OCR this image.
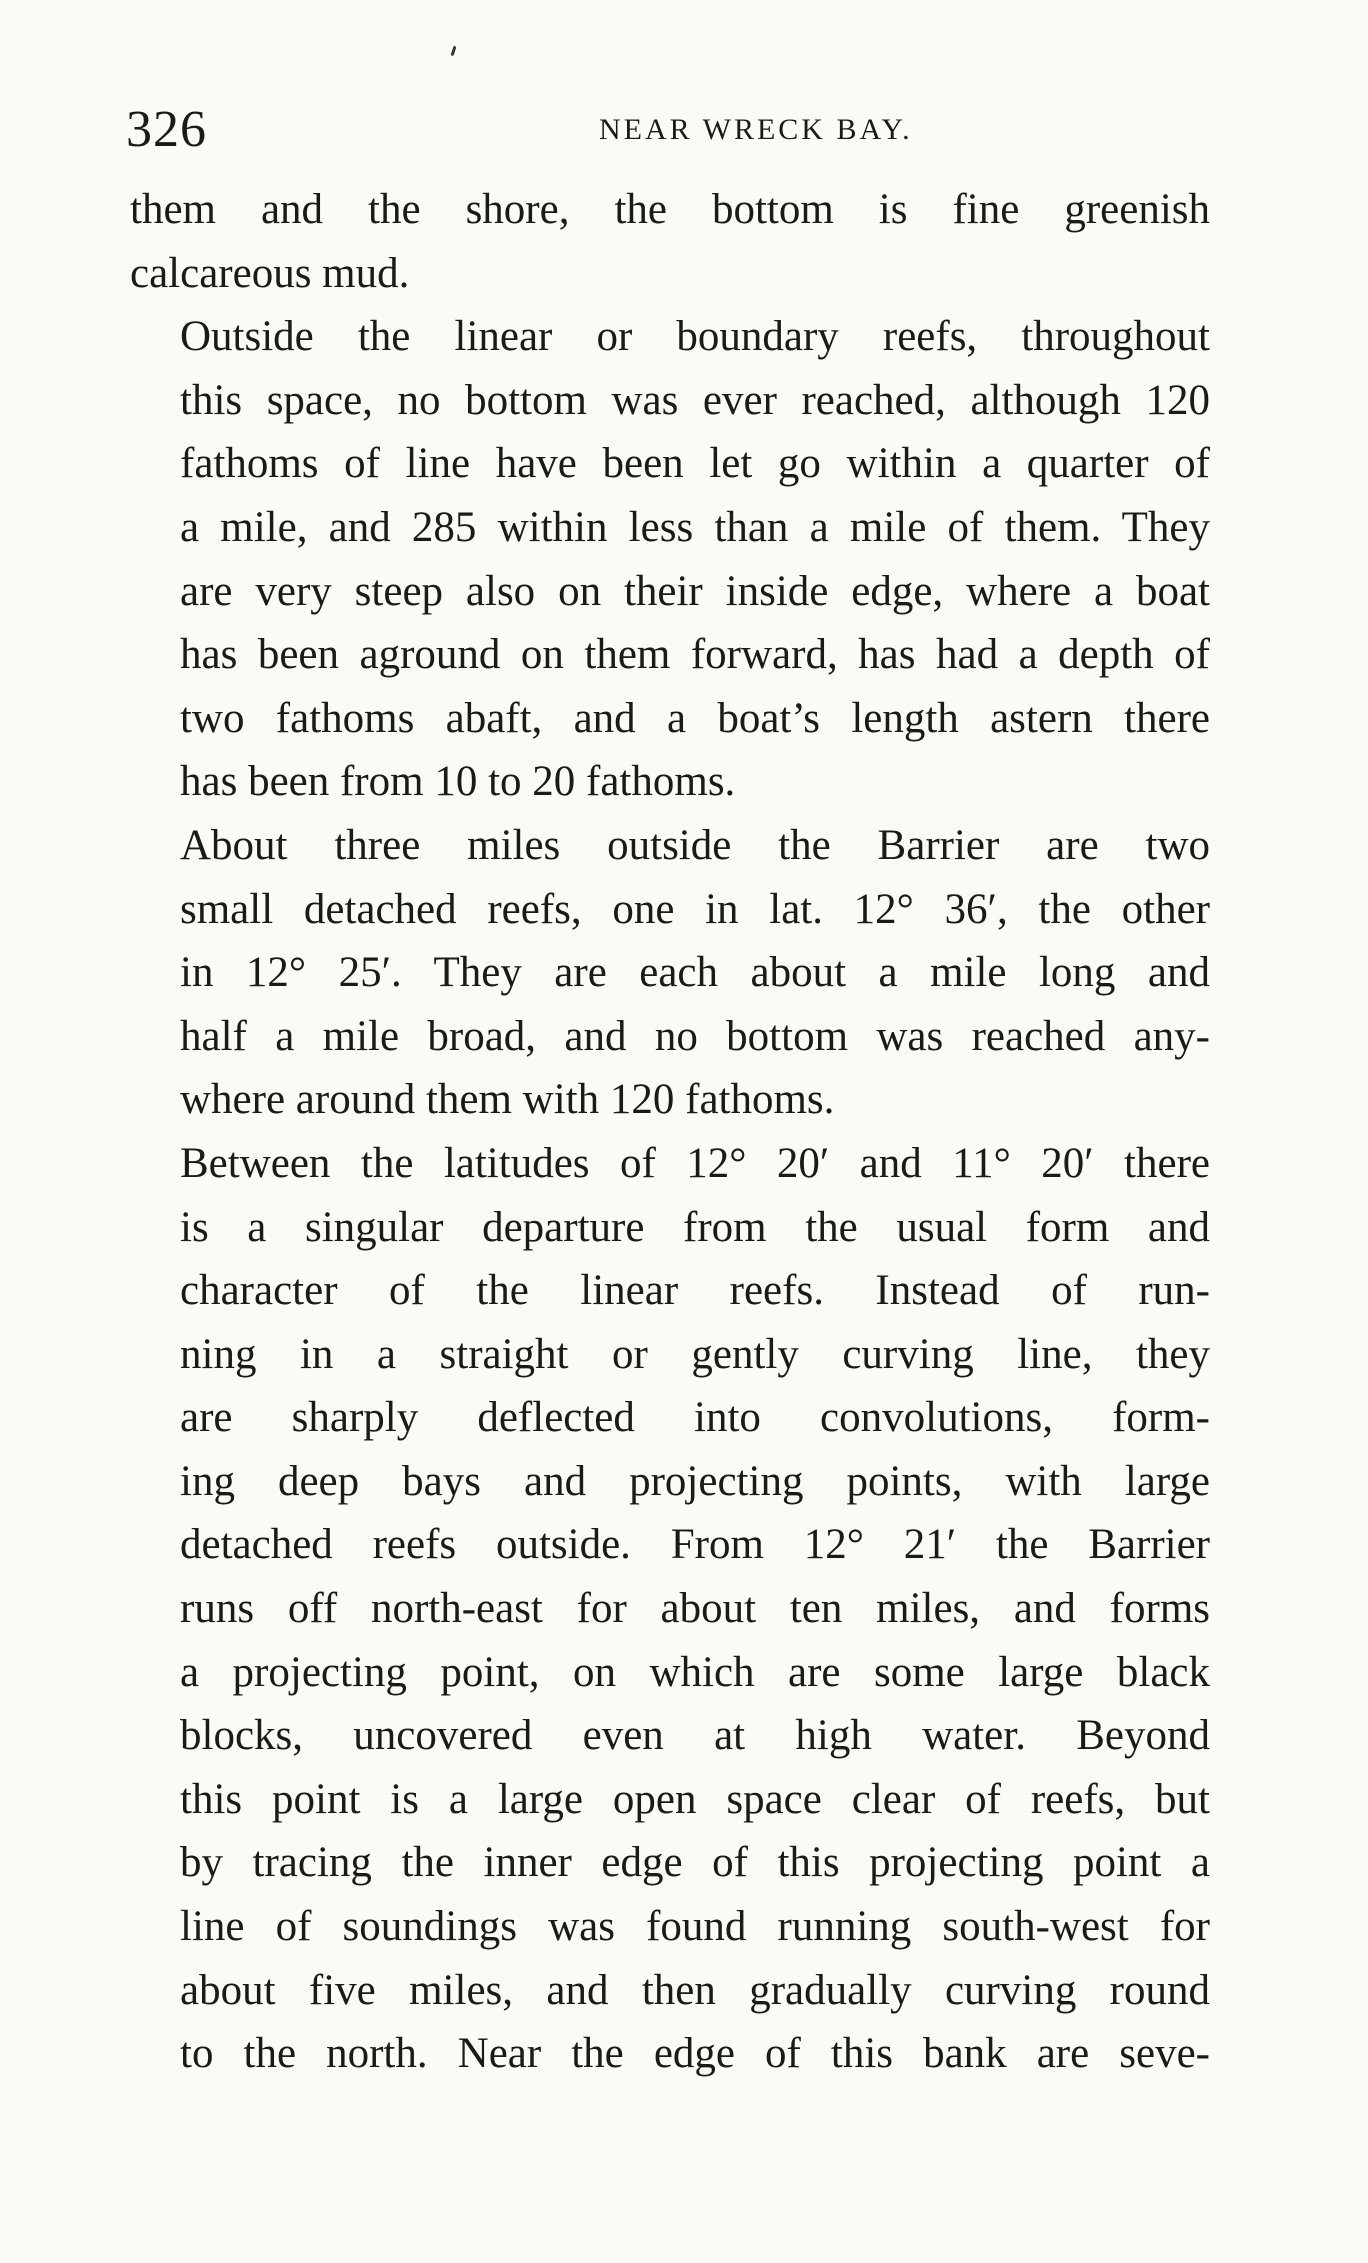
326	NEAR WRECK BAY.

them and the shore, the bottom is fine greenish
calcareous mud.

Outside the linear or boundary reefs, throughout
this space, no bottom was ever reached, although 120
fathoms of line have been let go within a quarter of
a mile, and 285 within less than a mile of them. They
are very steep also on their inside edge, where a boat
has been aground on them forward, has had a depth of
two fathoms abaft, and a boat’s length astern there
has been from 10 to 20 fathoms.

About three miles outside the Barrier are two
small detached reefs, one in lat. 12° 36′, the other
in 12° 25′. They are each about a mile long and
half a mile broad, and no bottom was reached any-
where around them with 120 fathoms.

Between the latitudes of 12° 20′ and 11° 20′ there
is a singular departure from the usual form and
character of the linear reefs. Instead of run-
ning in a straight or gently curving line, they
are sharply deflected into convolutions, form-
ing deep bays and projecting points, with large
detached reefs outside. From 12° 21′ the Barrier
runs off north-east for about ten miles, and forms
a projecting point, on which are some large black
blocks, uncovered even at high water. Beyond
this point is a large open space clear of reefs, but
by tracing the inner edge of this projecting point a
line of soundings was found running south-west for
about five miles, and then gradually curving round
to the north. Near the edge of this bank are seve-
